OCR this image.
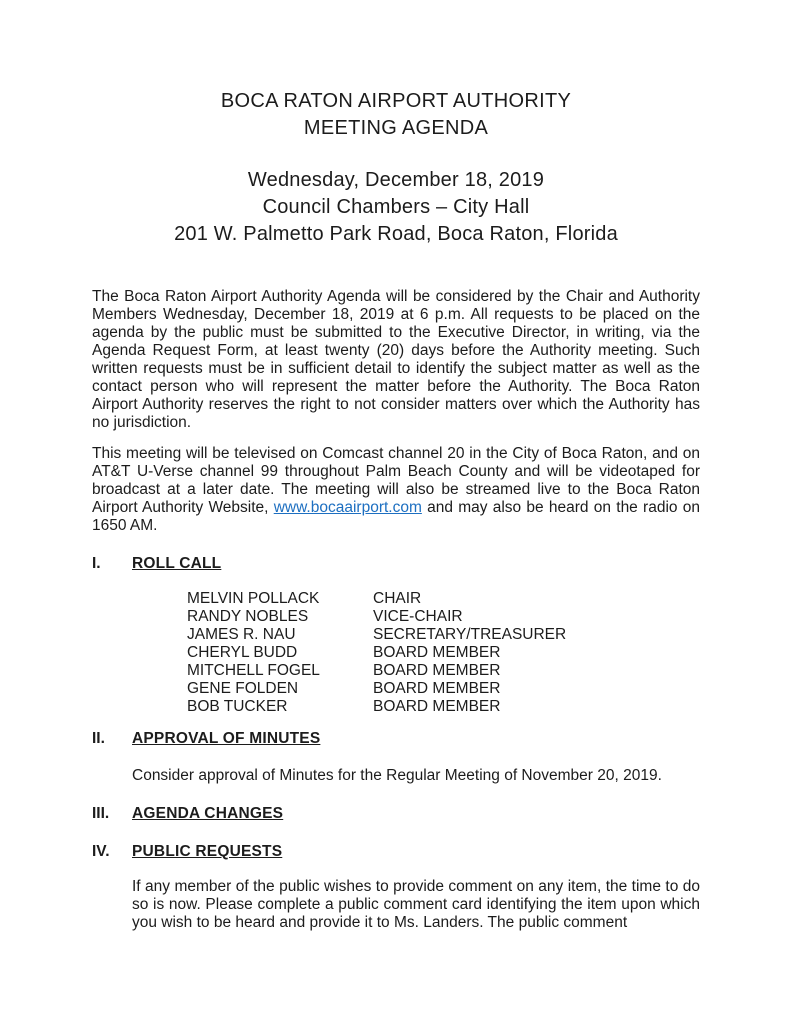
BOCA RATON AIRPORT AUTHORITY
MEETING AGENDA
Wednesday, December 18, 2019
Council Chambers – City Hall
201 W. Palmetto Park Road, Boca Raton, Florida

The Boca Raton Airport Authority Agenda will be considered by the Chair and Authority Members Wednesday, December 18, 2019 at 6 p.m. All requests to be placed on the agenda by the public must be submitted to the Executive Director, in writing, via the Agenda Request Form, at least twenty (20) days before the Authority meeting. Such written requests must be in sufficient detail to identify the subject matter as well as the contact person who will represent the matter before the Authority. The Boca Raton Airport Authority reserves the right to not consider matters over which the Authority has no jurisdiction.

This meeting will be televised on Comcast channel 20 in the City of Boca Raton, and on AT&T U-Verse channel 99 throughout Palm Beach County and will be videotaped for broadcast at a later date. The meeting will also be streamed live to the Boca Raton Airport Authority Website, www.bocaairport.com and may also be heard on the radio on 1650 AM.

I.	ROLL CALL
MELVIN POLLACK	CHAIR
RANDY NOBLES	VICE-CHAIR
JAMES R. NAU	SECRETARY/TREASURER
CHERYL BUDD	BOARD MEMBER
MITCHELL FOGEL	BOARD MEMBER
GENE FOLDEN	BOARD MEMBER
BOB TUCKER	BOARD MEMBER
II.	APPROVAL OF MINUTES

Consider approval of Minutes for the Regular Meeting of November 20, 2019.

III.	AGENDA CHANGES
IV.	PUBLIC REQUESTS

If any member of the public wishes to provide comment on any item, the time to do so is now. Please complete a public comment card identifying the item upon which you wish to be heard and provide it to Ms. Landers. The public comment
